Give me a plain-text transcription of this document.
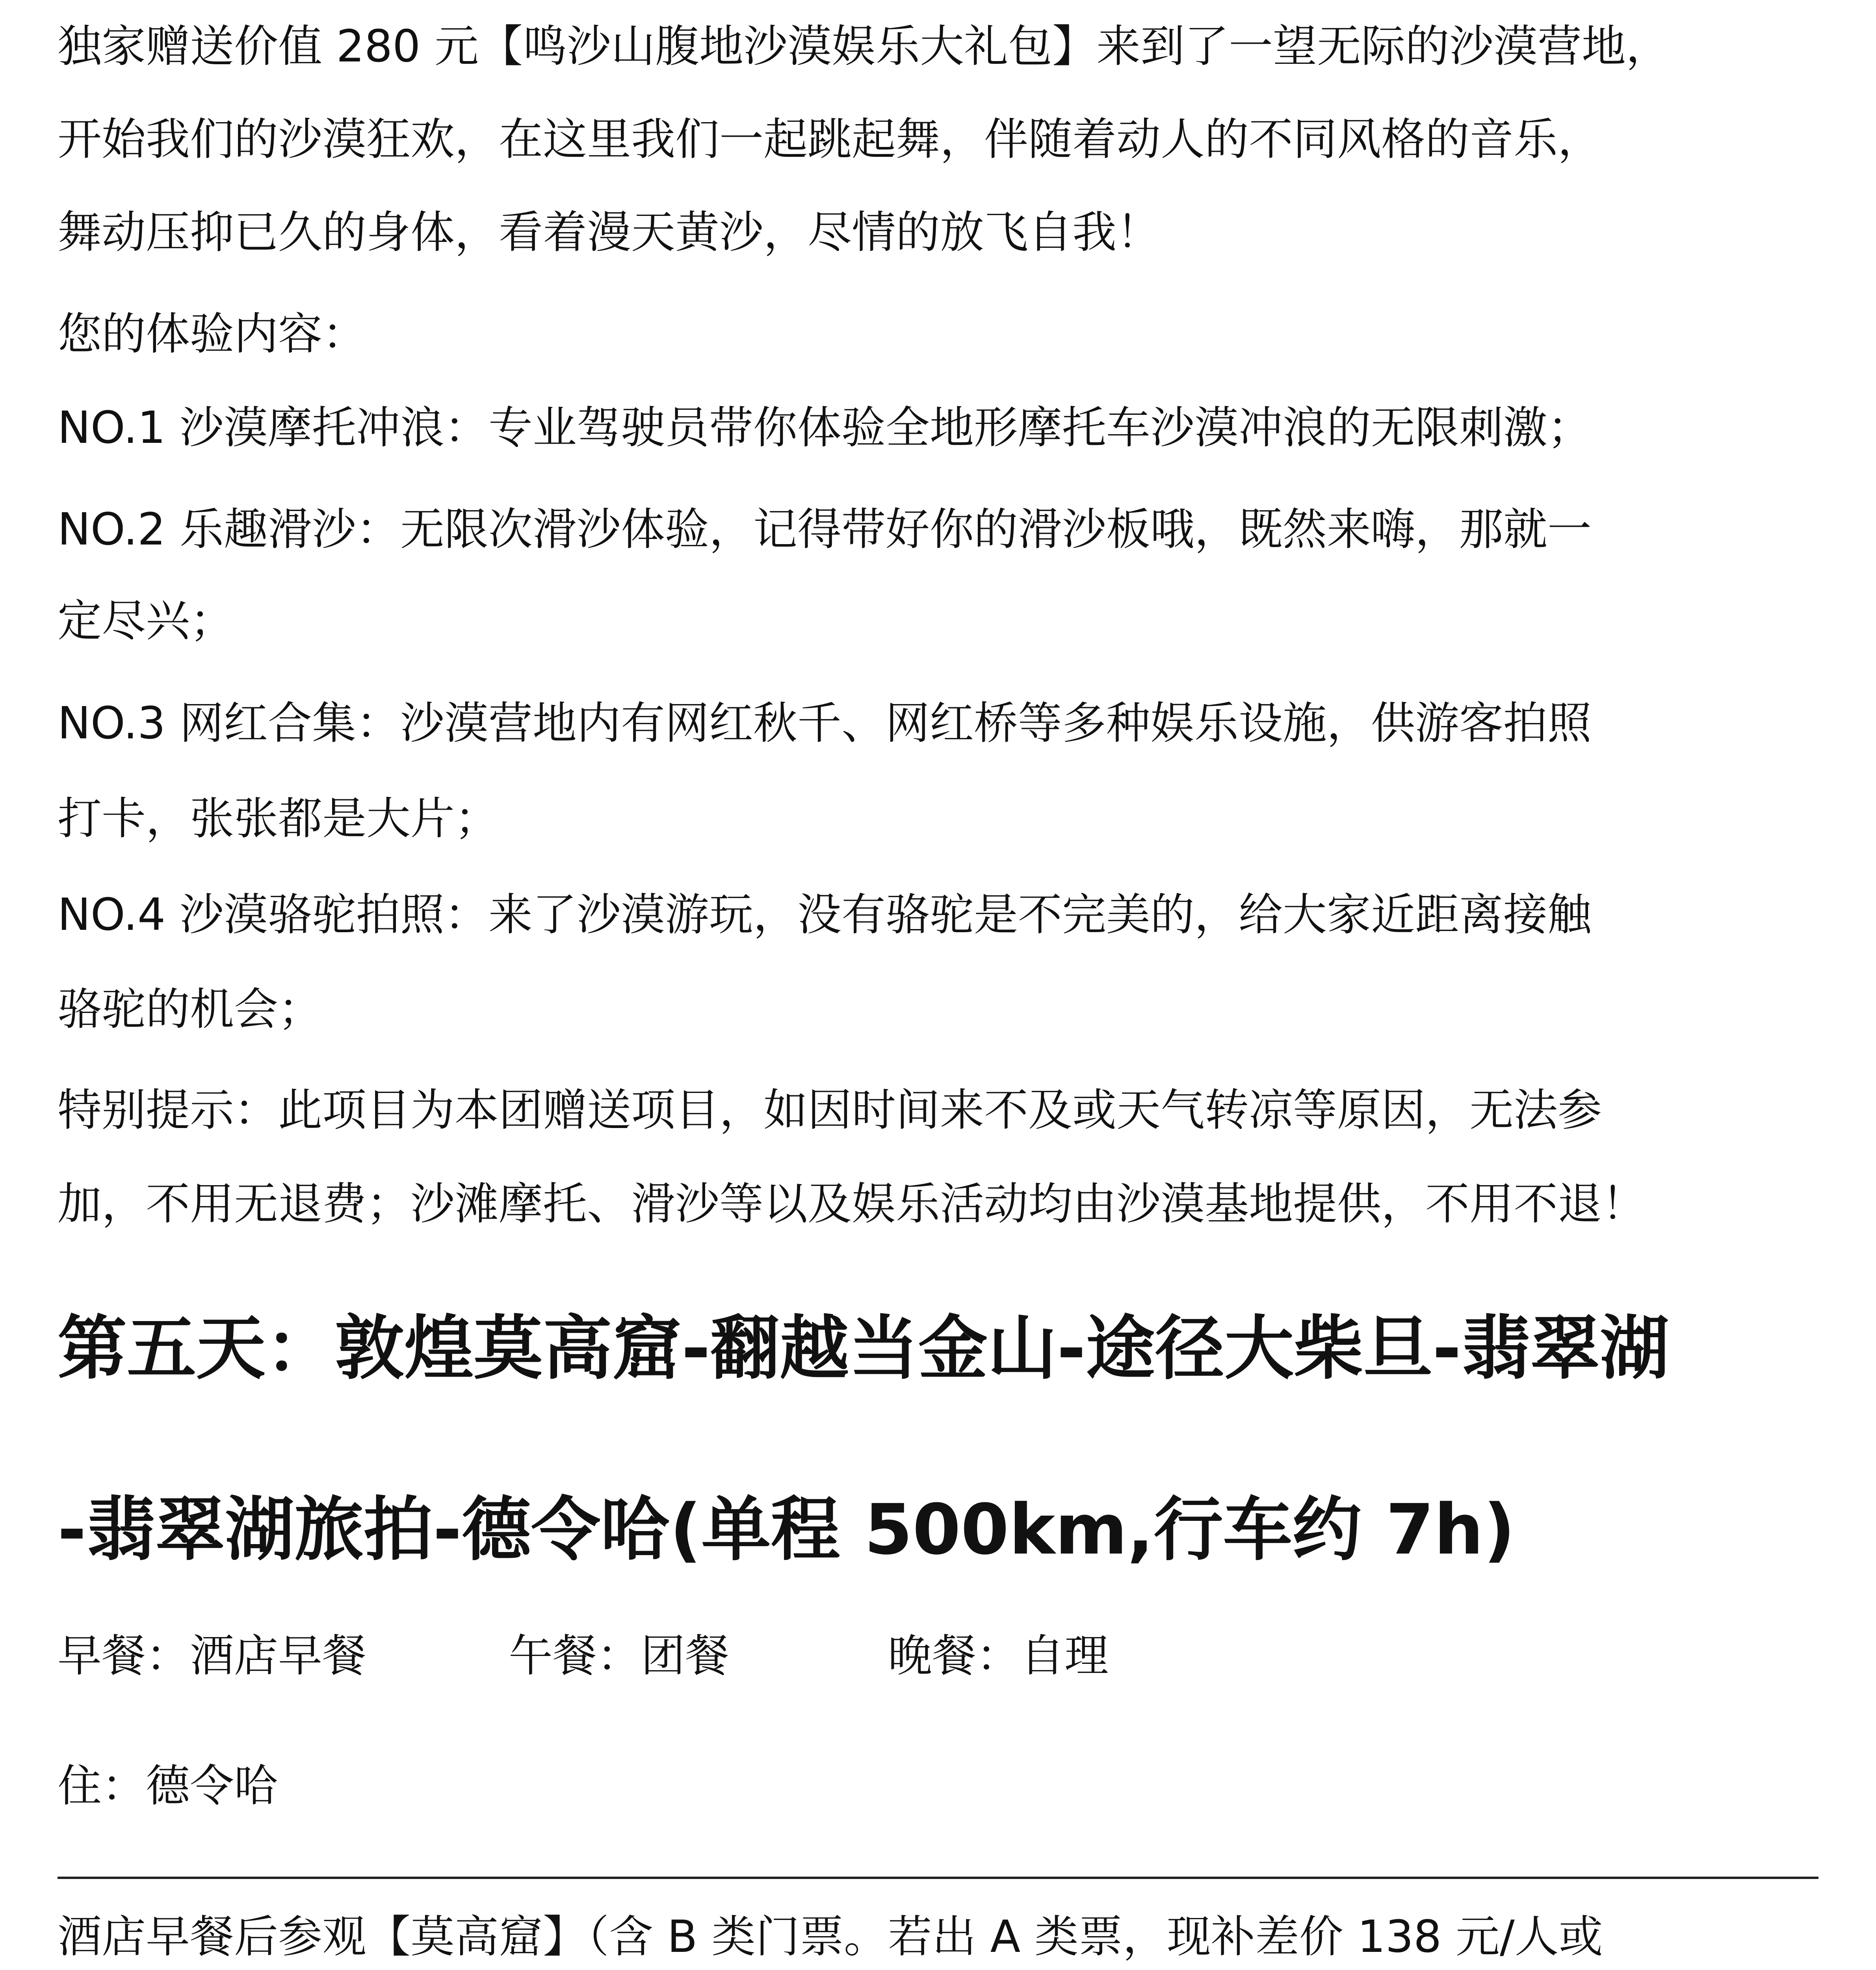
独家赠送价值 280 元【鸣沙山腹地沙漠娱乐大礼包】来到了一望无际的沙漠营地，

开始我们的沙漠狂欢，在这里我们一起跳起舞，伴随着动人的不同风格的音乐，

舞动压抑已久的身体，看着漫天黄沙，尽情的放飞自我！

您的体验内容：

NO.1 沙漠摩托冲浪：专业驾驶员带你体验全地形摩托车沙漠冲浪的无限刺激；

NO.2 乐趣滑沙：无限次滑沙体验，记得带好你的滑沙板哦，既然来嗨，那就一

定尽兴；

NO.3 网红合集：沙漠营地内有网红秋千、网红桥等多种娱乐设施，供游客拍照

打卡，张张都是大片；

NO.4 沙漠骆驼拍照：来了沙漠游玩，没有骆驼是不完美的，给大家近距离接触

骆驼的机会；

特别提示：此项目为本团赠送项目，如因时间来不及或天气转凉等原因，无法参

加，不用无退费；沙滩摩托、滑沙等以及娱乐活动均由沙漠基地提供，不用不退！

第五天：敦煌莫高窟-翻越当金山-途径大柴旦-翡翠湖
-翡翠湖旅拍-德令哈(单程 500km,行车约 7h)
早餐：酒店早餐	午餐：团餐	晚餐：自理

住：德令哈

酒店早餐后参观【莫高窟】（含 B 类门票。若出 A 类票，现补差价 138 元/人或
